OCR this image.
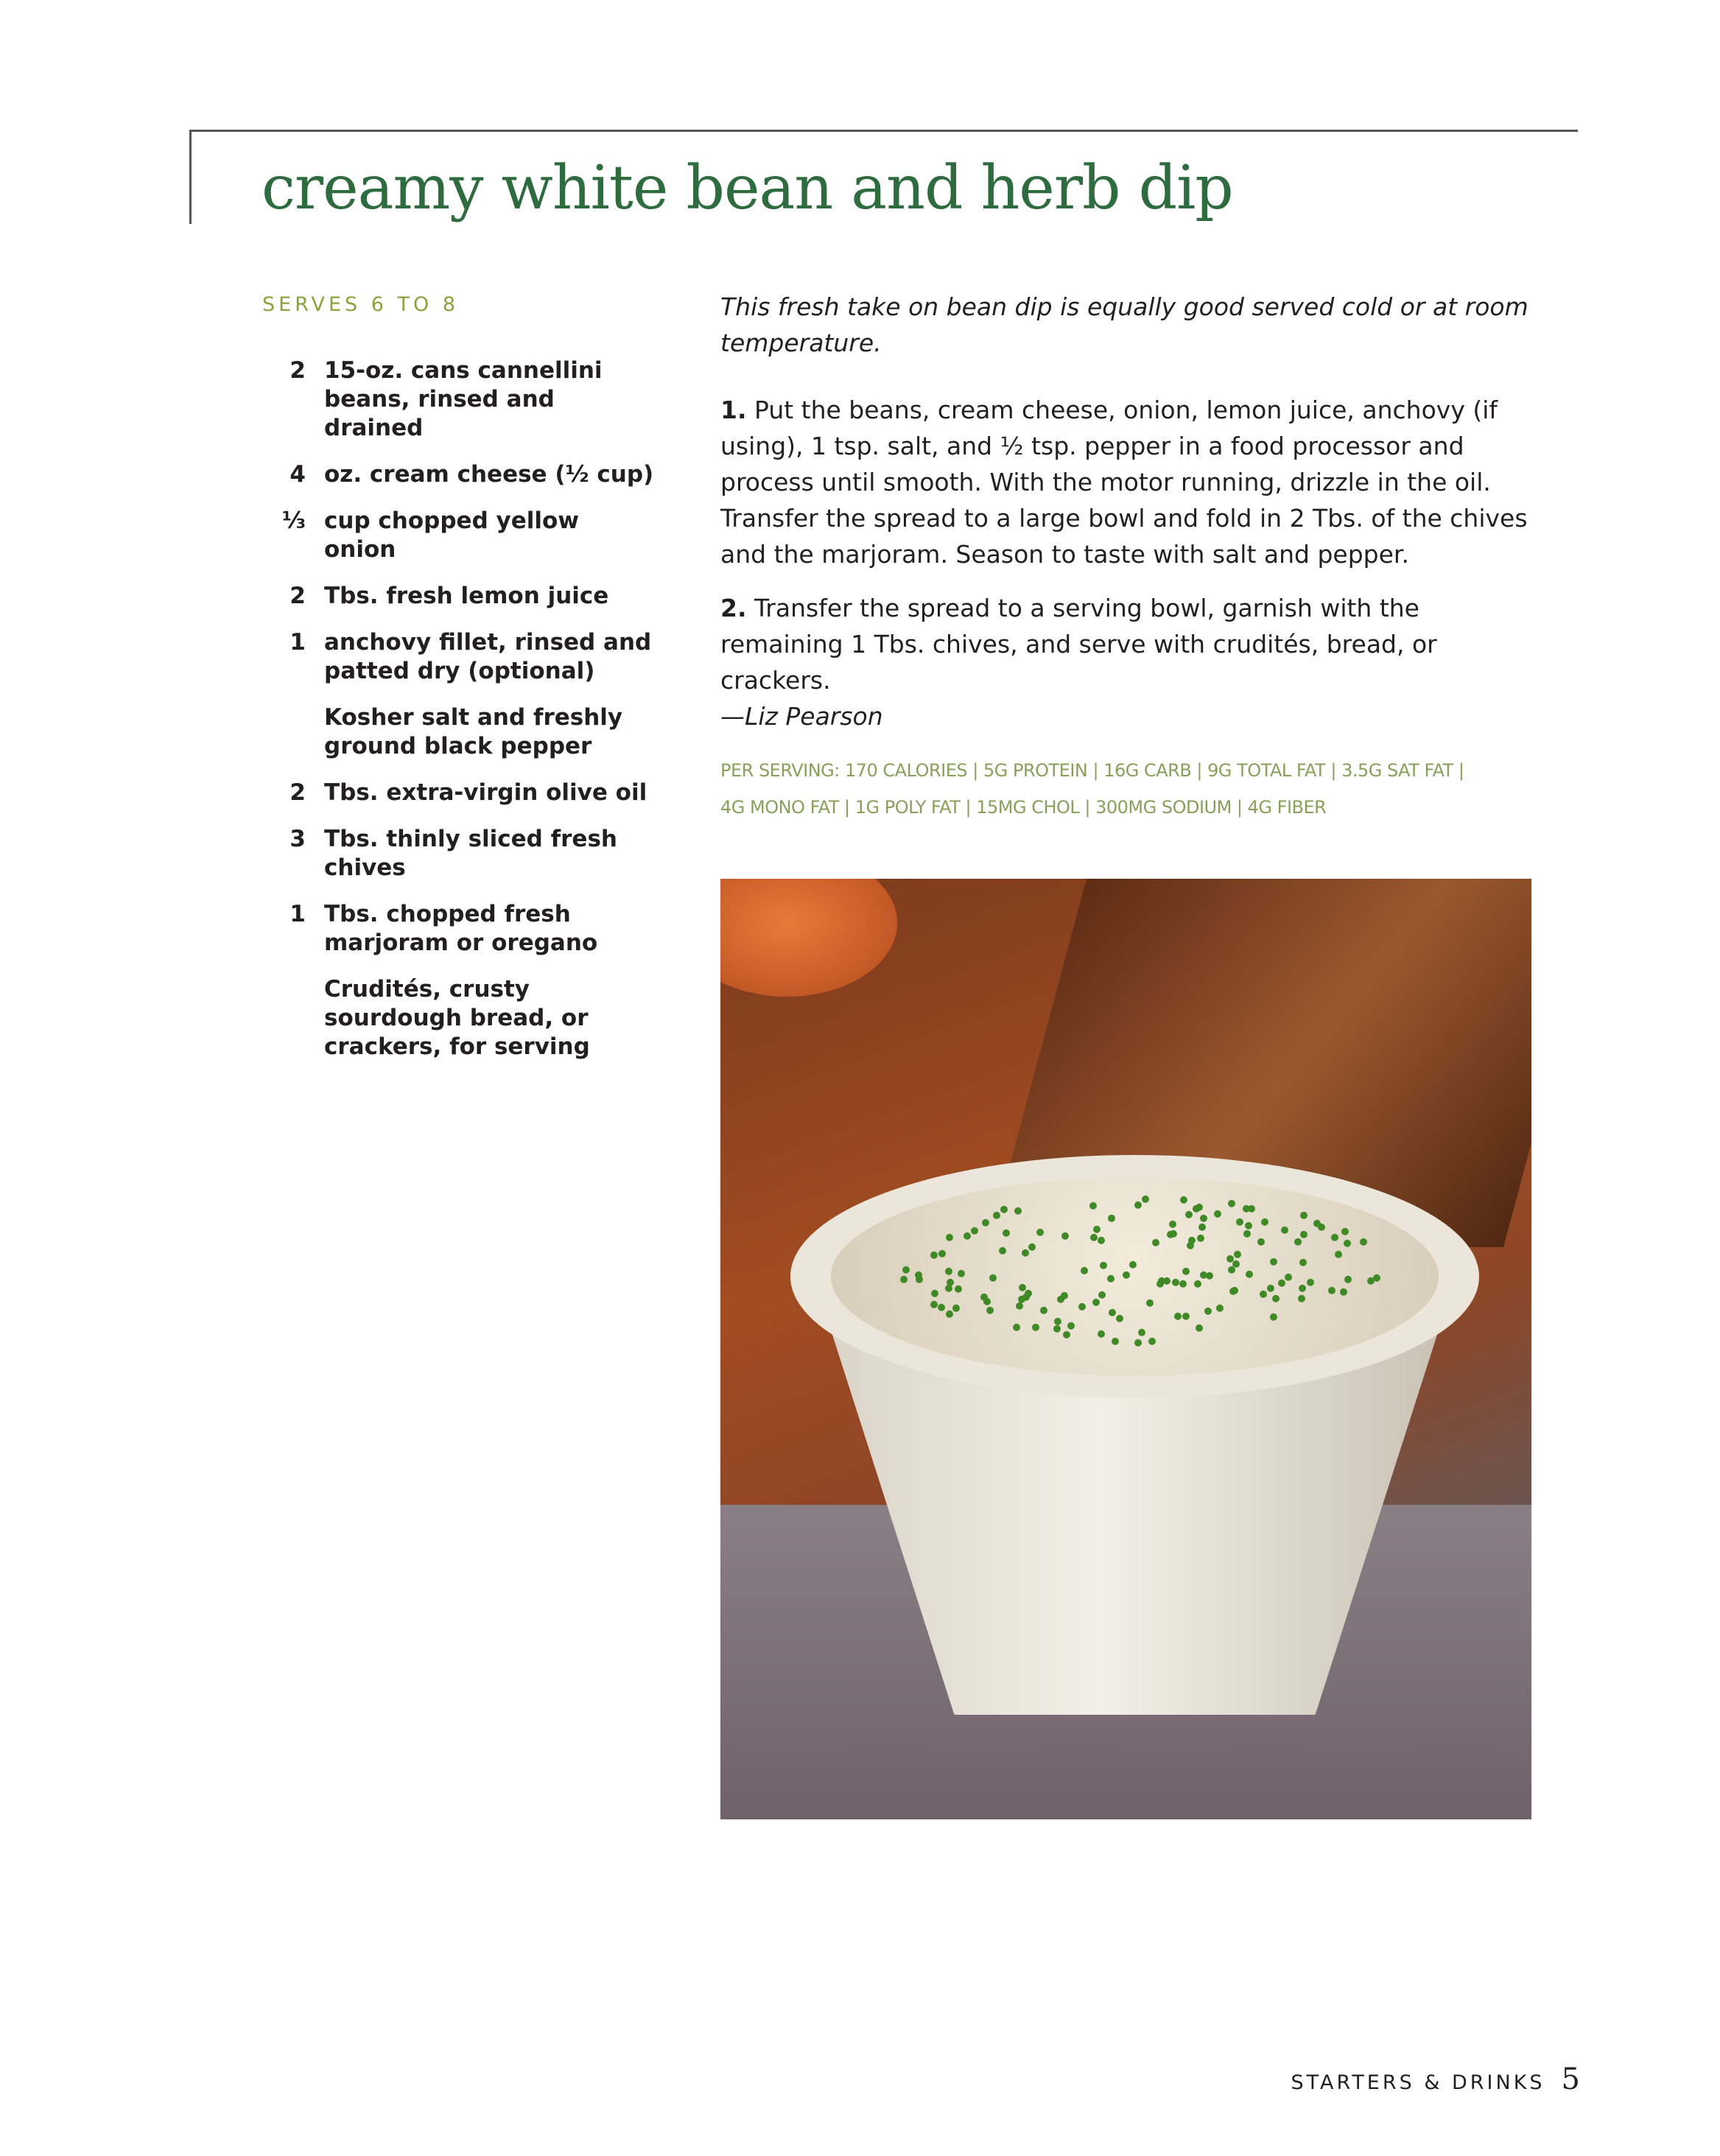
creamy white bean and herb dip
SERVES 6 TO 8
2 15-oz. cans cannellini beans, rinsed and drained
4 oz. cream cheese (½ cup)
⅓ cup chopped yellow onion
2 Tbs. fresh lemon juice
1 anchovy fillet, rinsed and patted dry (optional)
Kosher salt and freshly ground black pepper
2 Tbs. extra-virgin olive oil
3 Tbs. thinly sliced fresh chives
1 Tbs. chopped fresh marjoram or oregano
Crudités, crusty sourdough bread, or crackers, for serving

This fresh take on bean dip is equally good served cold or at room temperature.

1. Put the beans, cream cheese, onion, lemon juice, anchovy (if using), 1 tsp. salt, and ½ tsp. pepper in a food processor and process until smooth. With the motor running, drizzle in the oil. Transfer the spread to a large bowl and fold in 2 Tbs. of the chives and the marjoram. Season to taste with salt and pepper.

2. Transfer the spread to a serving bowl, garnish with the remaining 1 Tbs. chives, and serve with crudités, bread, or crackers.
—Liz Pearson

PER SERVING: 170 CALORIES | 5G PROTEIN | 16G CARB | 9G TOTAL FAT | 3.5G SAT FAT |
4G MONO FAT | 1G POLY FAT | 15MG CHOL | 300MG SODIUM | 4G FIBER
STARTERS & DRINKS 5
